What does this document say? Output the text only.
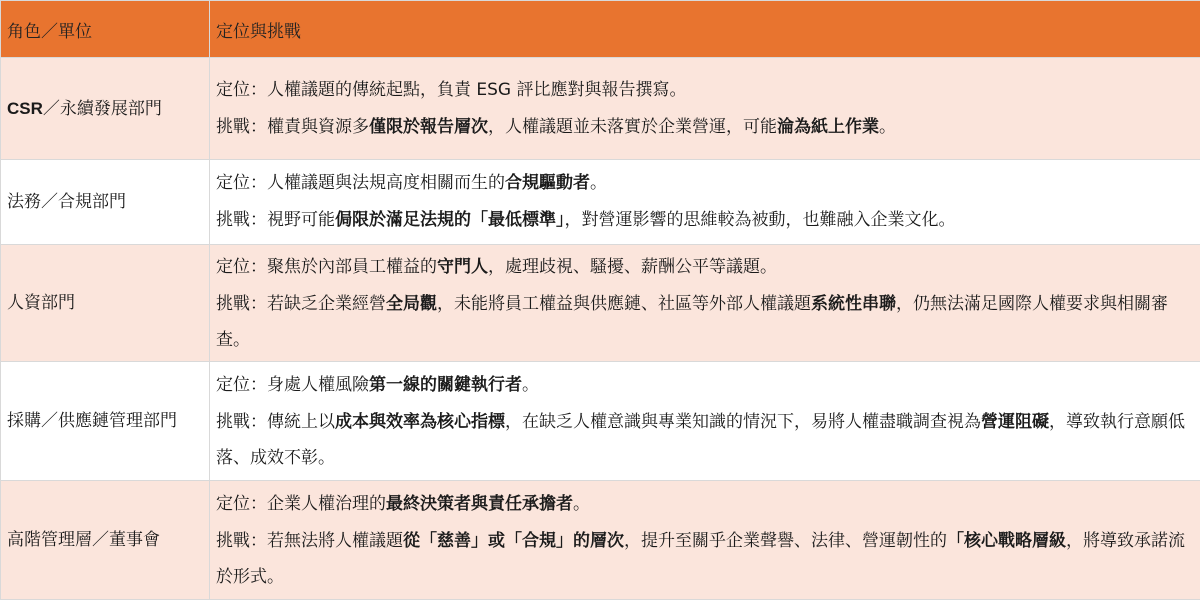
角色／單位	定位與挑戰

CSR／永續發展部門	定位：人權議題的傳統起點，負責 ESG 評比應對與報告撰寫。
挑戰：權責與資源多僅限於報告層次，人權議題並未落實於企業營運，可能淪為紙上作業。

法務／合規部門	定位：人權議題與法規高度相關而生的合規驅動者。
挑戰：視野可能侷限於滿足法規的「最低標準」，對營運影響的思維較為被動，也難融入企業文化。

人資部門	定位：聚焦於內部員工權益的守門人，處理歧視、騷擾、薪酬公平等議題。
挑戰：若缺乏企業經營全局觀，未能將員工權益與供應鏈、社區等外部人權議題系統性串聯，仍無法滿足國際人權要求與相關審查。

採購／供應鏈管理部門	定位：身處人權風險第一線的關鍵執行者。
挑戰：傳統上以成本與效率為核心指標，在缺乏人權意識與專業知識的情況下，易將人權盡職調查視為營運阻礙，導致執行意願低落、成效不彰。

高階管理層／董事會	定位：企業人權治理的最終決策者與責任承擔者。
挑戰：若無法將人權議題從「慈善」或「合規」的層次，提升至關乎企業聲譽、法律、營運韌性的「核心戰略層級，將導致承諾流於形式。
